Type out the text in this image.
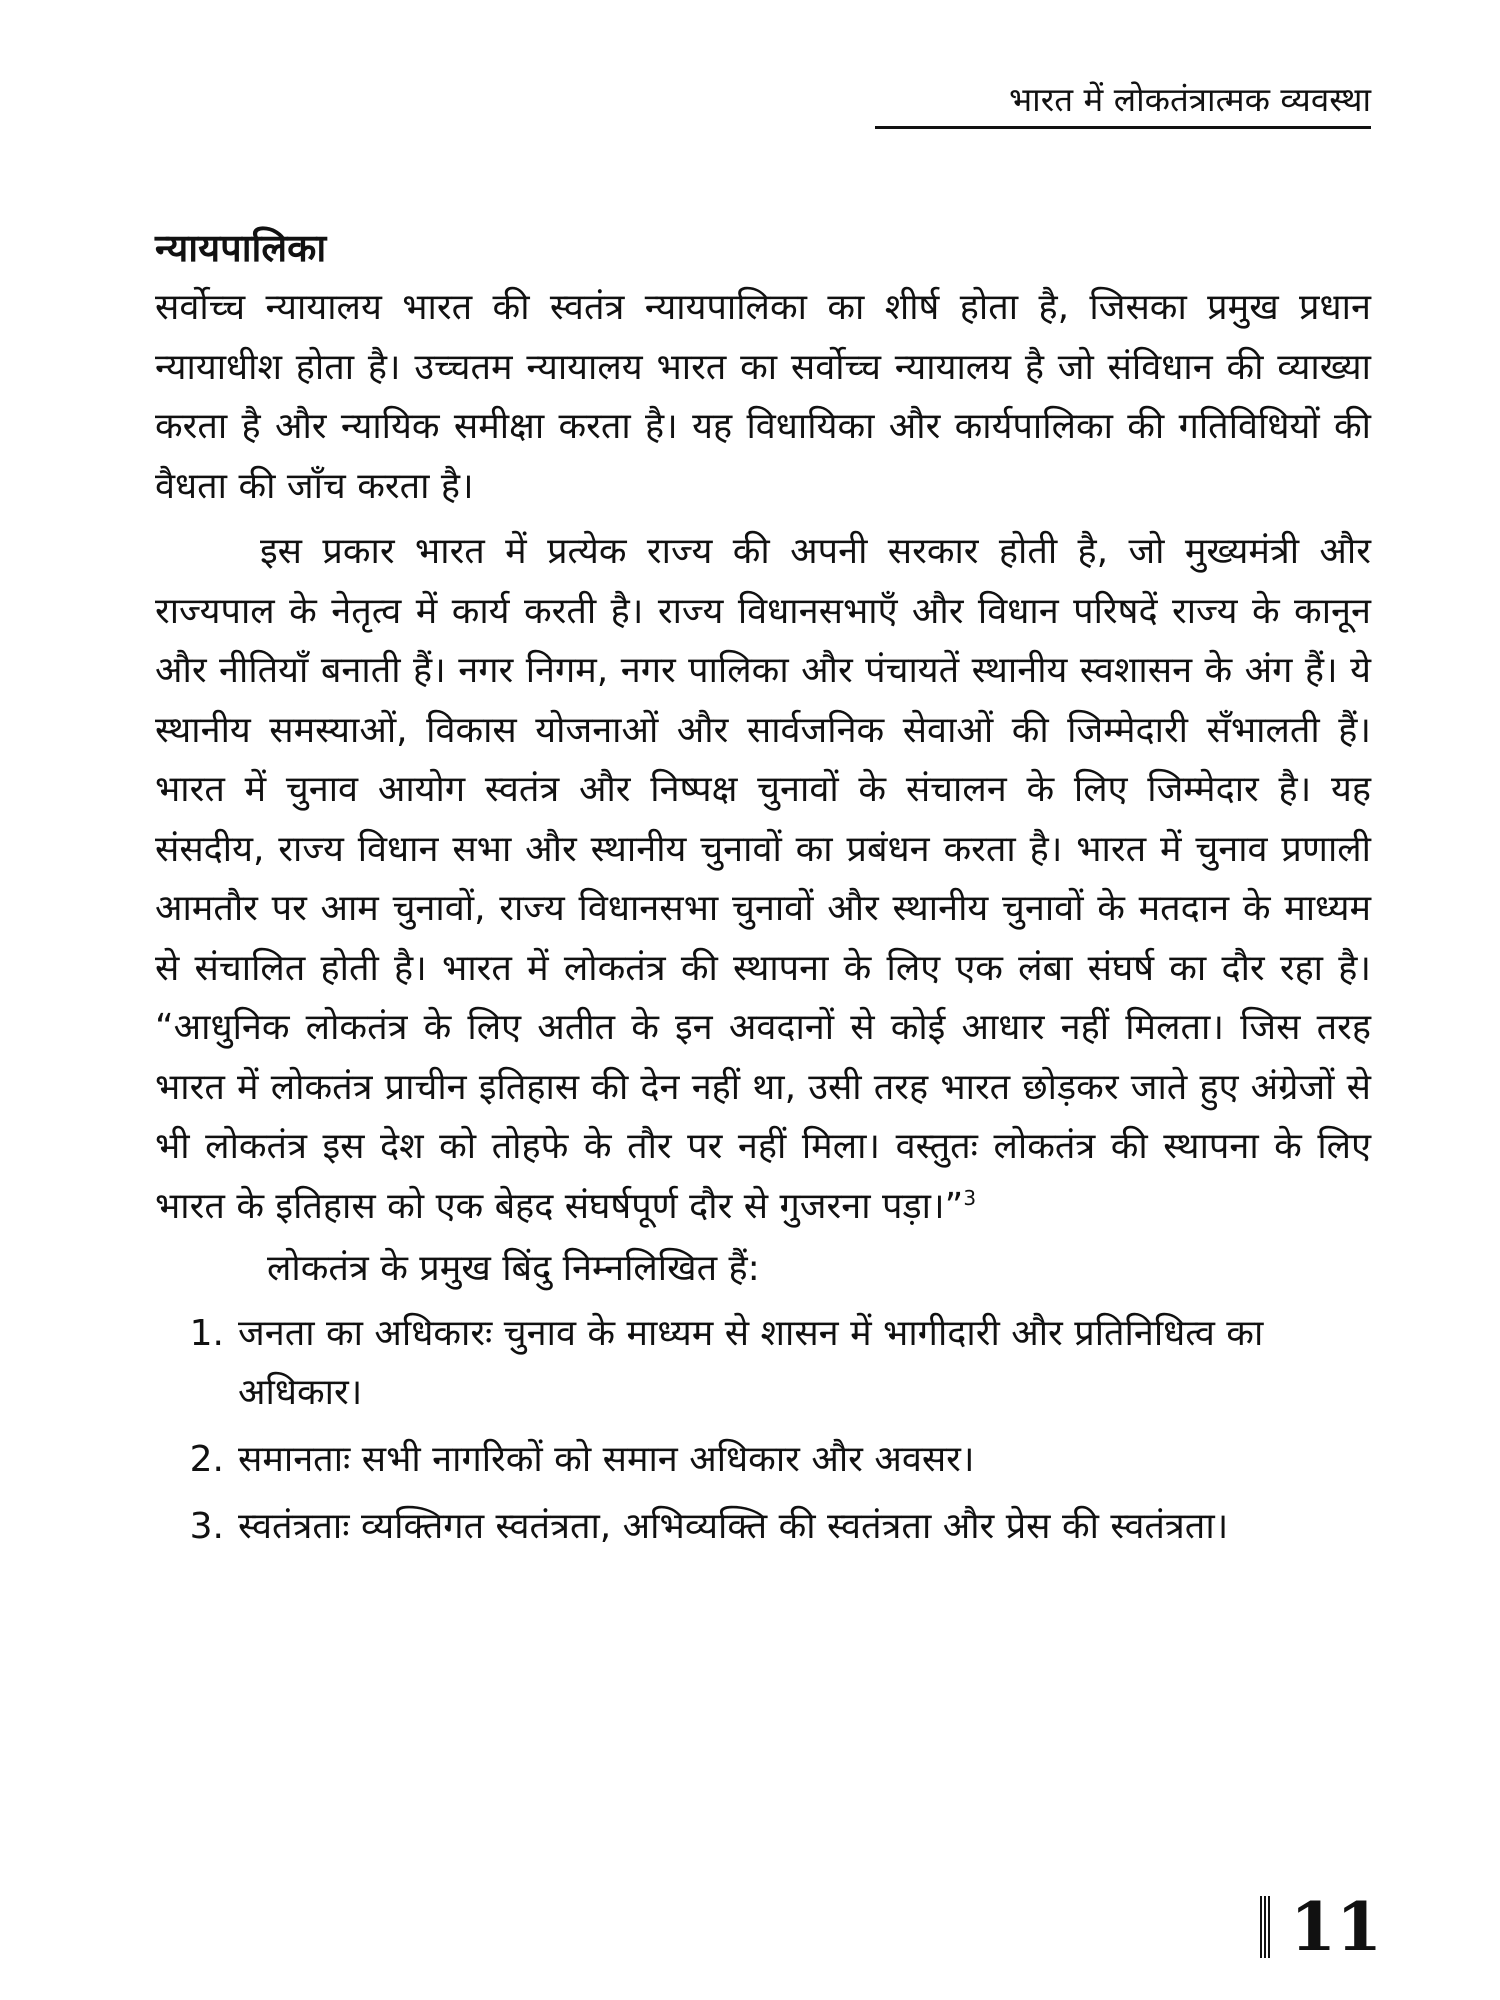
भारत में लोकतंत्रात्मक व्यवस्था
न्यायपालिका

सर्वोच्च न्यायालय भारत की स्वतंत्र न्यायपालिका का शीर्ष होता है, जिसका प्रमुख प्रधान न्यायाधीश होता है। उच्चतम न्यायालय भारत का सर्वोच्च न्यायालय है जो संविधान की व्याख्या करता है और न्यायिक समीक्षा करता है। यह विधायिका और कार्यपालिका की गतिविधियों की वैधता की जाँच करता है।

इस प्रकार भारत में प्रत्येक राज्य की अपनी सरकार होती है, जो मुख्यमंत्री और राज्यपाल के नेतृत्व में कार्य करती है। राज्य विधानसभाएँ और विधान परिषदें राज्य के कानून और नीतियाँ बनाती हैं। नगर निगम, नगर पालिका और पंचायतें स्थानीय स्वशासन के अंग हैं। ये स्थानीय समस्याओं, विकास योजनाओं और सार्वजनिक सेवाओं की जिम्मेदारी सँभालती हैं। भारत में चुनाव आयोग स्वतंत्र और निष्पक्ष चुनावों के संचालन के लिए जिम्मेदार है। यह संसदीय, राज्य विधान सभा और स्थानीय चुनावों का प्रबंधन करता है। भारत में चुनाव प्रणाली आमतौर पर आम चुनावों, राज्य विधानसभा चुनावों और स्थानीय चुनावों के मतदान के माध्यम से संचालित होती है। भारत में लोकतंत्र की स्थापना के लिए एक लंबा संघर्ष का दौर रहा है। “आधुनिक लोकतंत्र के लिए अतीत के इन अवदानों से कोई आधार नहीं मिलता। जिस तरह भारत में लोकतंत्र प्राचीन इतिहास की देन नहीं था, उसी तरह भारत छोड़कर जाते हुए अंग्रेजों से भी लोकतंत्र इस देश को तोहफे के तौर पर नहीं मिला। वस्तुतः लोकतंत्र की स्थापना के लिए भारत के इतिहास को एक बेहद संघर्षपूर्ण दौर से गुजरना पड़ा।”$^3$

लोकतंत्र के प्रमुख बिंदु निम्नलिखित हैं:

1. जनता का अधिकारः चुनाव के माध्यम से शासन में भागीदारी और प्रतिनिधित्व का अधिकार।
2. समानताः सभी नागरिकों को समान अधिकार और अवसर।
3. स्वतंत्रताः व्यक्तिगत स्वतंत्रता, अभिव्यक्ति की स्वतंत्रता और प्रेस की स्वतंत्रता।
11
